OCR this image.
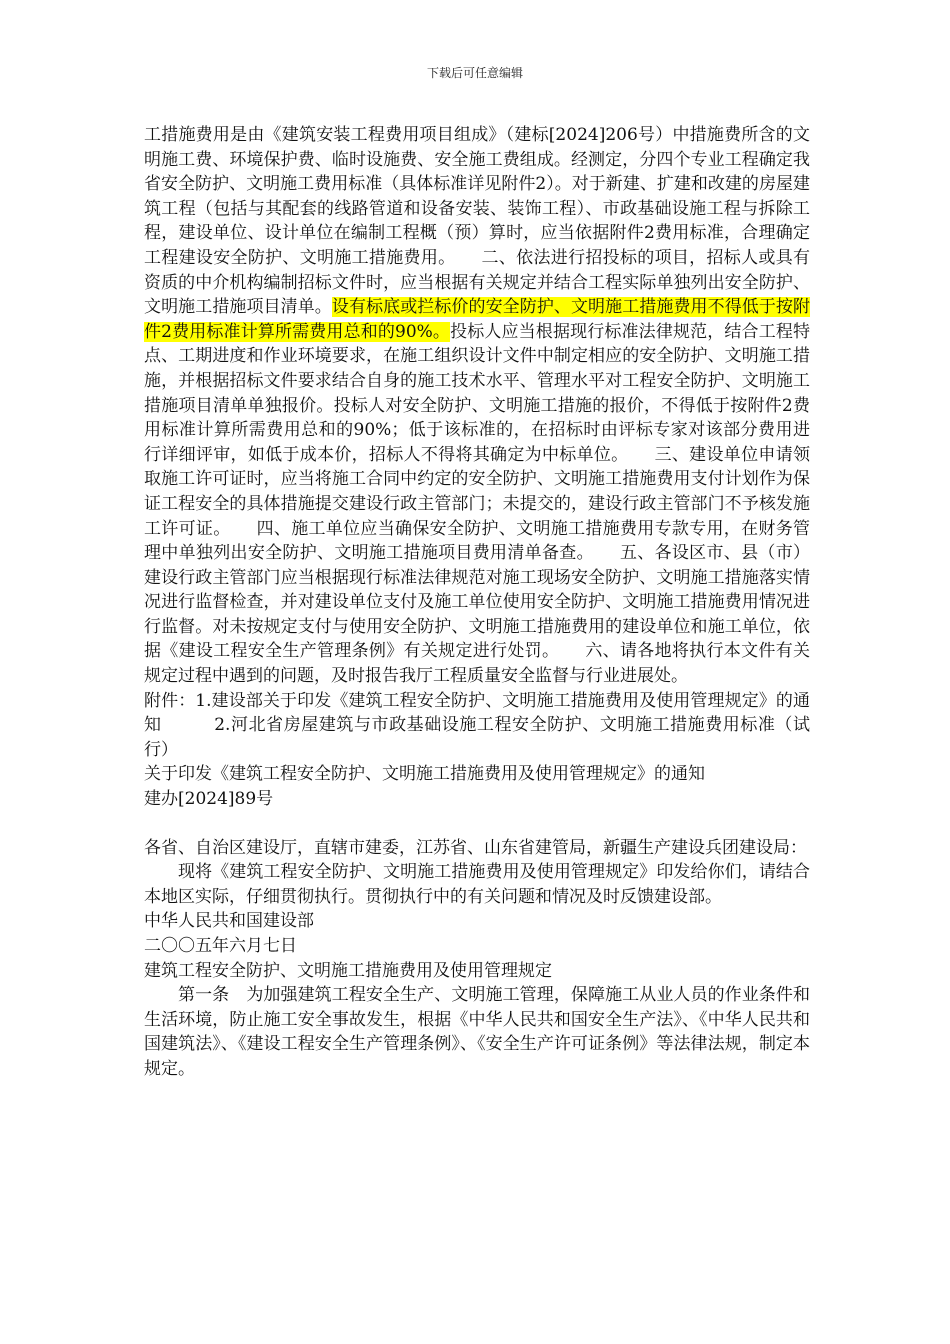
下载后可任意编辑

工措施费用是由《建筑安装工程费用项目组成》（建标[2024]206号）中措施费所含的文明施工费、环境保护费、临时设施费、安全施工费组成。经测定，分四个专业工程确定我省安全防护、文明施工费用标准（具体标准详见附件2）。对于新建、扩建和改建的房屋建筑工程（包括与其配套的线路管道和设备安装、装饰工程）、市政基础设施工程与拆除工程，建设单位、设计单位在编制工程概（预）算时，应当依据附件2费用标准，合理确定工程建设安全防护、文明施工措施费用。　　二、依法进行招投标的项目，招标人或具有资质的中介机构编制招标文件时，应当根据有关规定并结合工程实际单独列出安全防护、文明施工措施项目清单。设有标底或拦标价的安全防护、文明施工措施费用不得低于按附件2费用标准计算所需费用总和的90%。投标人应当根据现行标准法律规范，结合工程特点、工期进度和作业环境要求，在施工组织设计文件中制定相应的安全防护、文明施工措施，并根据招标文件要求结合自身的施工技术水平、管理水平对工程安全防护、文明施工措施项目清单单独报价。投标人对安全防护、文明施工措施的报价，不得低于按附件2费用标准计算所需费用总和的90%；低于该标准的，在招标时由评标专家对该部分费用进行详细评审，如低于成本价，招标人不得将其确定为中标单位。　　三、建设单位申请领取施工许可证时，应当将施工合同中约定的安全防护、文明施工措施费用支付计划作为保证工程安全的具体措施提交建设行政主管部门；未提交的，建设行政主管部门不予核发施工许可证。　　四、施工单位应当确保安全防护、文明施工措施费用专款专用，在财务管理中单独列出安全防护、文明施工措施项目费用清单备查。　　五、各设区市、县（市）建设行政主管部门应当根据现行标准法律规范对施工现场安全防护、文明施工措施落实情况进行监督检查，并对建设单位支付及施工单位使用安全防护、文明施工措施费用情况进行监督。对未按规定支付与使用安全防护、文明施工措施费用的建设单位和施工单位，依据《建设工程安全生产管理条例》有关规定进行处罚。　　六、请各地将执行本文件有关规定过程中遇到的问题，及时报告我厅工程质量安全监督与行业进展处。

附件：1.建设部关于印发《建筑工程安全防护、文明施工措施费用及使用管理规定》的通知　　　2.河北省房屋建筑与市政基础设施工程安全防护、文明施工措施费用标准（试行）

关于印发《建筑工程安全防护、文明施工措施费用及使用管理规定》的通知

建办[2024]89号

各省、自治区建设厅，直辖市建委，江苏省、山东省建管局，新疆生产建设兵团建设局：

现将《建筑工程安全防护、文明施工措施费用及使用管理规定》印发给你们，请结合本地区实际，仔细贯彻执行。贯彻执行中的有关问题和情况及时反馈建设部。

中华人民共和国建设部

二〇〇五年六月七日

建筑工程安全防护、文明施工措施费用及使用管理规定

第一条　为加强建筑工程安全生产、文明施工管理，保障施工从业人员的作业条件和生活环境，防止施工安全事故发生，根据《中华人民共和国安全生产法》、《中华人民共和国建筑法》、《建设工程安全生产管理条例》、《安全生产许可证条例》等法律法规，制定本规定。
